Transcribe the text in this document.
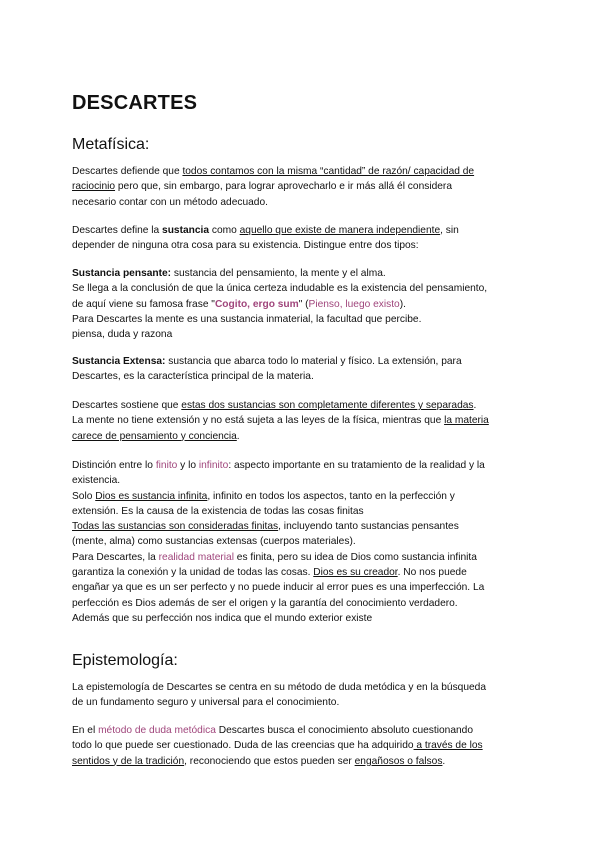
DESCARTES
Metafísica:

Descartes defiende que todos contamos con la misma “cantidad” de razón/ capacidad de
raciocinio pero que, sin embargo, para lograr aprovecharlo e ir más allá él considera
necesario contar con un método adecuado.

Descartes define la sustancia como aquello que existe de manera independiente, sin
depender de ninguna otra cosa para su existencia. Distingue entre dos tipos:

Sustancia pensante: sustancia del pensamiento, la mente y el alma.
Se llega a la conclusión de que la única certeza indudable es la existencia del pensamiento,
de aquí viene su famosa frase "Cogito, ergo sum" (Pienso, luego existo).
Para Descartes la mente es una sustancia inmaterial, la facultad que percibe.
piensa, duda y razona

Sustancia Extensa: sustancia que abarca todo lo material y físico. La extensión, para
Descartes, es la característica principal de la materia.

Descartes sostiene que estas dos sustancias son completamente diferentes y separadas.
La mente no tiene extensión y no está sujeta a las leyes de la física, mientras que la materia
carece de pensamiento y conciencia.

Distinción entre lo finito y lo infinito: aspecto importante en su tratamiento de la realidad y la
existencia.
Solo Dios es sustancia infinita, infinito en todos los aspectos, tanto en la perfección y
extensión. Es la causa de la existencia de todas las cosas finitas
Todas las sustancias son consideradas finitas, incluyendo tanto sustancias pensantes
(mente, alma) como sustancias extensas (cuerpos materiales).
Para Descartes, la realidad material es finita, pero su idea de Dios como sustancia infinita
garantiza la conexión y la unidad de todas las cosas. Dios es su creador. No nos puede
engañar ya que es un ser perfecto y no puede inducir al error pues es una imperfección. La
perfección es Dios además de ser el origen y la garantía del conocimiento verdadero.
Además que su perfección nos indica que el mundo exterior existe

Epistemología:

La epistemología de Descartes se centra en su método de duda metódica y en la búsqueda
de un fundamento seguro y universal para el conocimiento.

En el método de duda metódica Descartes busca el conocimiento absoluto cuestionando
todo lo que puede ser cuestionado. Duda de las creencias que ha adquirido a través de los
sentidos y de la tradición, reconociendo que estos pueden ser engañosos o falsos.
